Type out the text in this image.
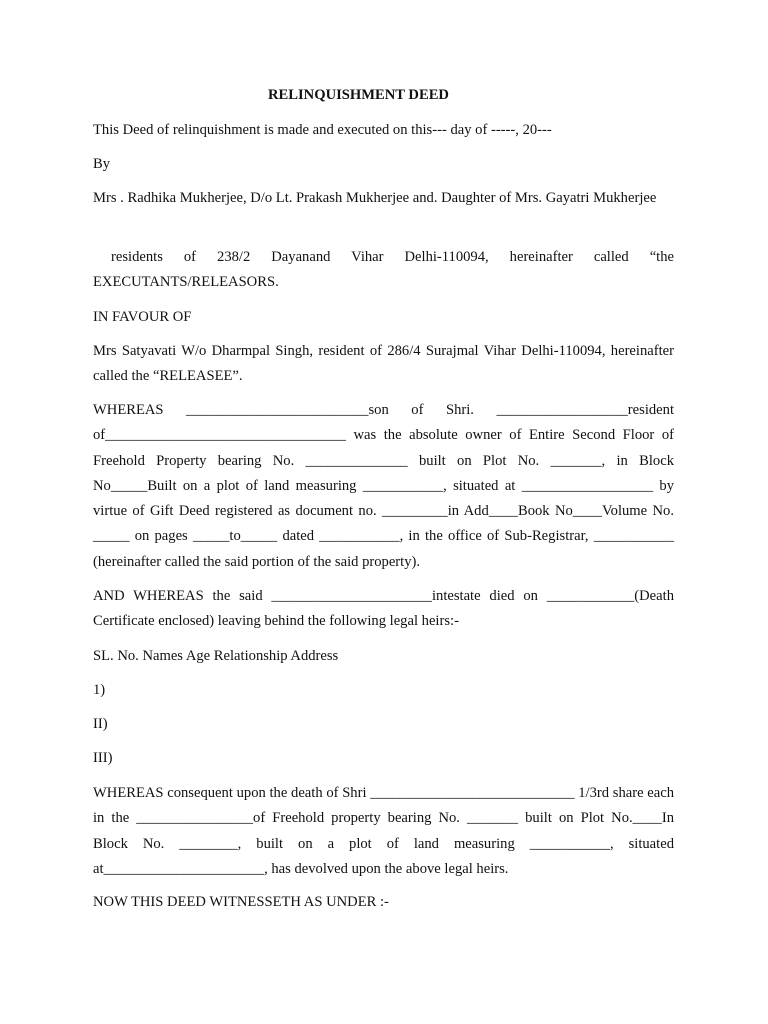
RELINQUISHMENT DEED

This Deed of relinquishment is made and executed on this--- day of -----, 20---

By

Mrs . Radhika Mukherjee, D/o Lt. Prakash Mukherjee and. Daughter of Mrs. Gayatri Mukherjee

residents of 238/2 Dayanand Vihar Delhi-110094, hereinafter called “the EXECUTANTS/RELEASORS.

IN FAVOUR OF

Mrs Satyavati W/o Dharmpal Singh, resident of 286/4 Surajmal Vihar Delhi-110094, hereinafter called the “RELEASEE”.

WHEREAS _________________________son of Shri. __________________resident of_________________________________ was the absolute owner of Entire Second Floor of Freehold Property bearing No. ______________ built on Plot No. _______, in Block No_____Built on a plot of land measuring ___________, situated at __________________ by virtue of Gift Deed registered as document no. _________in Add____Book No____Volume No. _____ on pages _____to_____ dated ___________, in the office of Sub-Registrar, ___________ (hereinafter called the said portion of the said property).

AND WHEREAS the said ______________________intestate died on ____________(Death Certificate enclosed) leaving behind the following legal heirs:-

SL. No. Names Age Relationship Address

1)

II)

III)

WHEREAS consequent upon the death of Shri ____________________________ 1/3rd share each in the ________________of Freehold property bearing No. _______ built on Plot No.____In Block No. ________, built on a plot of land measuring ___________, situated at______________________, has devolved upon the above legal heirs.

NOW THIS DEED WITNESSETH AS UNDER :-
